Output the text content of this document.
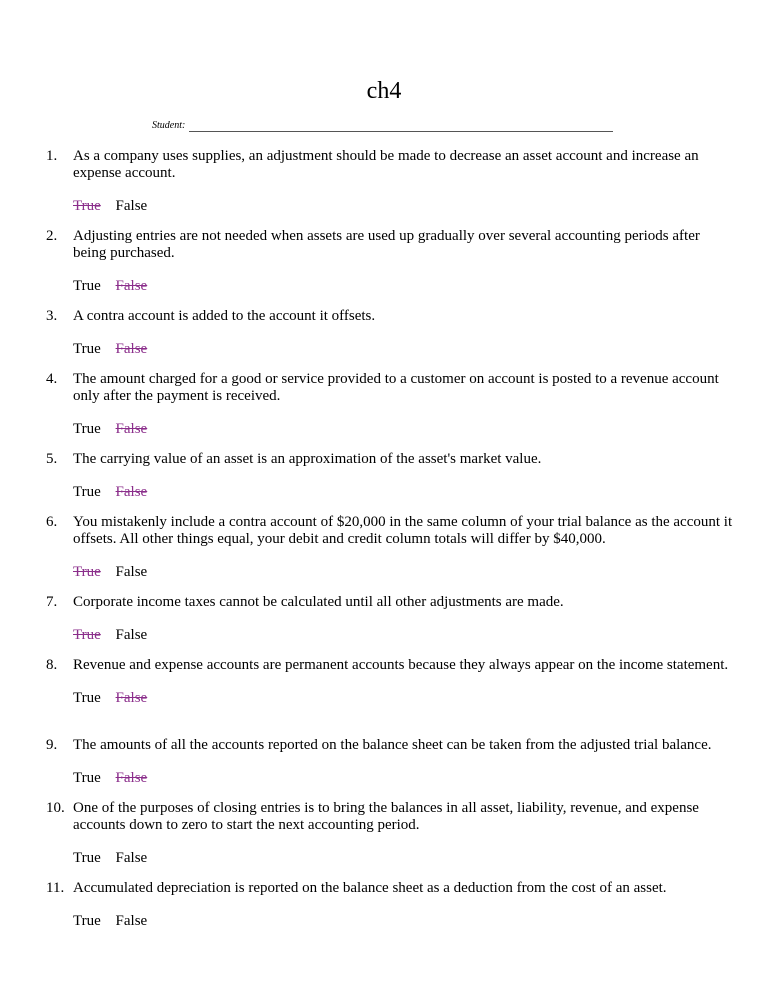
ch4
Student:
1.	As a company uses supplies, an adjustment should be made to decrease an asset account and increase an expense account.
True False
2.	Adjusting entries are not needed when assets are used up gradually over several accounting periods after being purchased.
True False
3.	A contra account is added to the account it offsets.
True False
4.	The amount charged for a good or service provided to a customer on account is posted to a revenue account only after the payment is received.
True False
5.	The carrying value of an asset is an approximation of the asset's market value.
True False
6.	You mistakenly include a contra account of $20,000 in the same column of your trial balance as the account it offsets. All other things equal, your debit and credit column totals will differ by $40,000.
True False
7.	Corporate income taxes cannot be calculated until all other adjustments are made.
True False
8.	Revenue and expense accounts are permanent accounts because they always appear on the income statement.
True False
9.	The amounts of all the accounts reported on the balance sheet can be taken from the adjusted trial balance.
True False
10. One of the purposes of closing entries is to bring the balances in all asset, liability, revenue, and expense accounts down to zero to start the next accounting period.
True False
11. Accumulated depreciation is reported on the balance sheet as a deduction from the cost of an asset.
True False
